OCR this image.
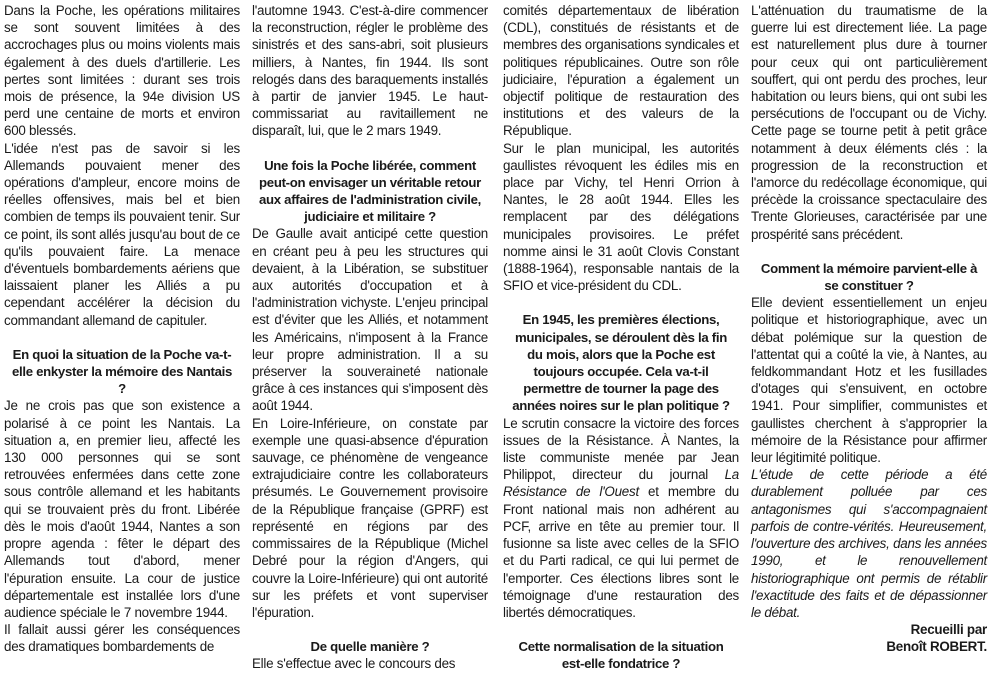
Dans la Poche, les opérations militaires se sont souvent limitées à des accrochages plus ou moins violents mais également à des duels d'artillerie. Les pertes sont limitées : durant ses trois mois de présence, la 94e division US perd une centaine de morts et environ 600 blessés.

L'idée n'est pas de savoir si les Allemands pouvaient mener des opérations d'ampleur, encore moins de réelles offensives, mais bel et bien combien de temps ils pouvaient tenir. Sur ce point, ils sont allés jusqu'au bout de ce qu'ils pouvaient faire. La menace d'éventuels bombardements aériens que laissaient planer les Alliés a pu cependant accélérer la décision du commandant allemand de capituler.

En quoi la situation de la Poche va-t-elle enkyster la mémoire des Nantais ?

Je ne crois pas que son existence a polarisé à ce point les Nantais. La situation a, en premier lieu, affecté les 130 000 personnes qui se sont retrouvées enfermées dans cette zone sous contrôle allemand et les habitants qui se trouvaient près du front. Libérée dès le mois d'août 1944, Nantes a son propre agenda : fêter le départ des Allemands tout d'abord, mener l'épuration ensuite. La cour de justice départementale est installée lors d'une audience spéciale le 7 novembre 1944.

Il fallait aussi gérer les conséquences des dramatiques bombardements de

l'automne 1943. C'est-à-dire commencer la reconstruction, régler le problème des sinistrés et des sans-abri, soit plusieurs milliers, à Nantes, fin 1944. Ils sont relogés dans des baraquements installés à partir de janvier 1945. Le haut-commissariat au ravitaillement ne disparaît, lui, que le 2 mars 1949.

Une fois la Poche libérée, comment peut-on envisager un véritable retour aux affaires de l'administration civile, judiciaire et militaire ?

De Gaulle avait anticipé cette question en créant peu à peu les structures qui devaient, à la Libération, se substituer aux autorités d'occupation et à l'administration vichyste. L'enjeu principal est d'éviter que les Alliés, et notamment les Américains, n'imposent à la France leur propre administration. Il a su préserver la souveraineté nationale grâce à ces instances qui s'imposent dès août 1944.

En Loire-Inférieure, on constate par exemple une quasi-absence d'épuration sauvage, ce phénomène de vengeance extrajudiciaire contre les collaborateurs présumés. Le Gouvernement provisoire de la République française (GPRF) est représenté en régions par des commissaires de la République (Michel Debré pour la région d'Angers, qui couvre la Loire-Inférieure) qui ont autorité sur les préfets et vont superviser l'épuration.

De quelle manière ?

Elle s'effectue avec le concours des

comités départementaux de libération (CDL), constitués de résistants et de membres des organisations syndicales et politiques républicaines. Outre son rôle judiciaire, l'épuration a également un objectif politique de restauration des institutions et des valeurs de la République.

Sur le plan municipal, les autorités gaullistes révoquent les édiles mis en place par Vichy, tel Henri Orrion à Nantes, le 28 août 1944. Elles les remplacent par des délégations municipales provisoires. Le préfet nomme ainsi le 31 août Clovis Constant (1888-1964), responsable nantais de la SFIO et vice-président du CDL.

En 1945, les premières élections, municipales, se déroulent dès la fin du mois, alors que la Poche est toujours occupée. Cela va-t-il permettre de tourner la page des années noires sur le plan politique ?

Le scrutin consacre la victoire des forces issues de la Résistance. À Nantes, la liste communiste menée par Jean Philippot, directeur du journal La Résistance de l'Ouest et membre du Front national mais non adhérent au PCF, arrive en tête au premier tour. Il fusionne sa liste avec celles de la SFIO et du Parti radical, ce qui lui permet de l'emporter. Ces élections libres sont le témoignage d'une restauration des libertés démocratiques.

Cette normalisation de la situation est-elle fondatrice ?

L'atténuation du traumatisme de la guerre lui est directement liée. La page est naturellement plus dure à tourner pour ceux qui ont particulièrement souffert, qui ont perdu des proches, leur habitation ou leurs biens, qui ont subi les persécutions de l'occupant ou de Vichy. Cette page se tourne petit à petit grâce notamment à deux éléments clés : la progression de la reconstruction et l'amorce du redécollage économique, qui précède la croissance spectaculaire des Trente Glorieuses, caractérisée par une prospérité sans précédent.

Comment la mémoire parvient-elle à se constituer ?

Elle devient essentiellement un enjeu politique et historiographique, avec un débat polémique sur la question de l'attentat qui a coûté la vie, à Nantes, au feldkommandant Hotz et les fusillades d'otages qui s'ensuivent, en octobre 1941. Pour simplifier, communistes et gaullistes cherchent à s'approprier la mémoire de la Résistance pour affirmer leur légitimité politique.

L'étude de cette période a été durablement polluée par ces antagonismes qui s'accompagnaient parfois de contre-vérités. Heureusement, l'ouverture des archives, dans les années 1990, et le renouvellement historiographique ont permis de rétablir l'exactitude des faits et de dépassionner le débat.

Recueilli par
Benoît ROBERT.
